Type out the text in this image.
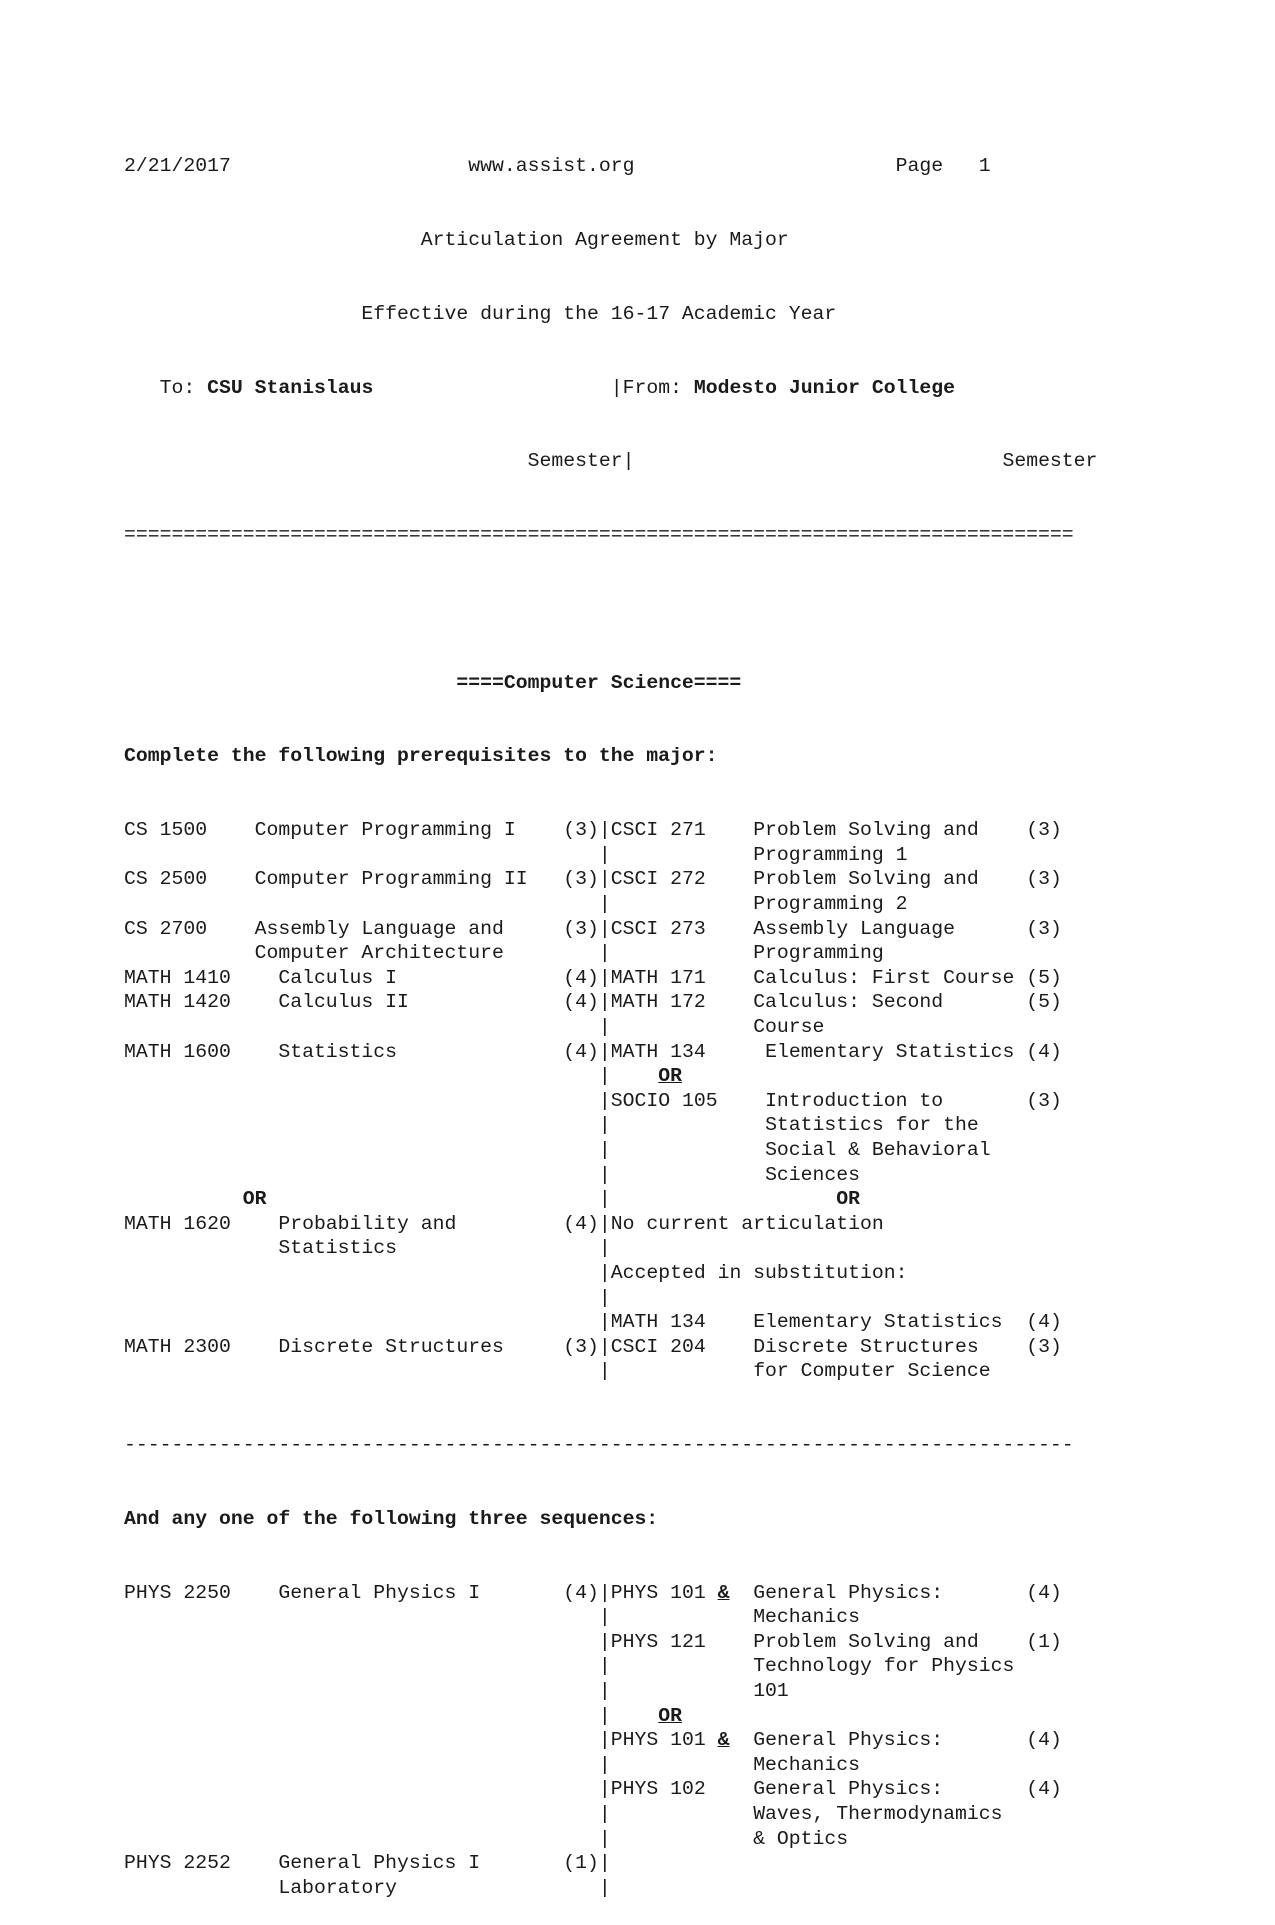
2/21/2017	www.assist.org	Page 1

Articulation Agreement by Major

Effective during the 16-17 Academic Year

To: CSU Stanislaus                    |From: Modesto Junior College

Semester|                               Semester

================================================================================

====Computer Science====

Complete the following prerequisites to the major:

CS 1500 Computer Programming I (3)|CSCI 271 Problem Solving and (3)
|	Programming 1
CS 2500 Computer Programming II (3)|CSCI 272 Problem Solving and (3)
|	Programming 2
CS 2700 Assembly Language and	(3)|CSCI 273 Assembly Language	(3)
Computer Architecture	|	Programming
MATH 1410 Calculus I	(4)|MATH 171 Calculus: First Course (5)
MATH 1420 Calculus II	(4)|MATH 172 Calculus: Second	(5)
|	Course
MATH 1600 Statistics	(4)|MATH 134	Elementary Statistics (4)
| OR
|SOCIO 105 Introduction to	(3)
|	Statistics for the
|	Social & Behavioral
|	Sciences
OR	|	OR
MATH 1620 Probability and	(4)|No current articulation
Statistics	|
|Accepted in substitution:
|
|MATH 134 Elementary Statistics (4)
MATH 2300 Discrete Structures	(3)|CSCI 204 Discrete Structures (3)
|	for Computer Science

--------------------------------------------------------------------------------

And any one of the following three sequences:

PHYS 2250 General Physics I	(4)|PHYS 101 & General Physics:	(4)
|	Mechanics
|PHYS 121 Problem Solving and (1)
|	Technology for Physics
|	101
| OR
|PHYS 101 & General Physics:	(4)
|	Mechanics
|PHYS 102 General Physics:	(4)
|	Waves, Thermodynamics
|	& Optics
PHYS 2252 General Physics I	(1)|
Laboratory	|
